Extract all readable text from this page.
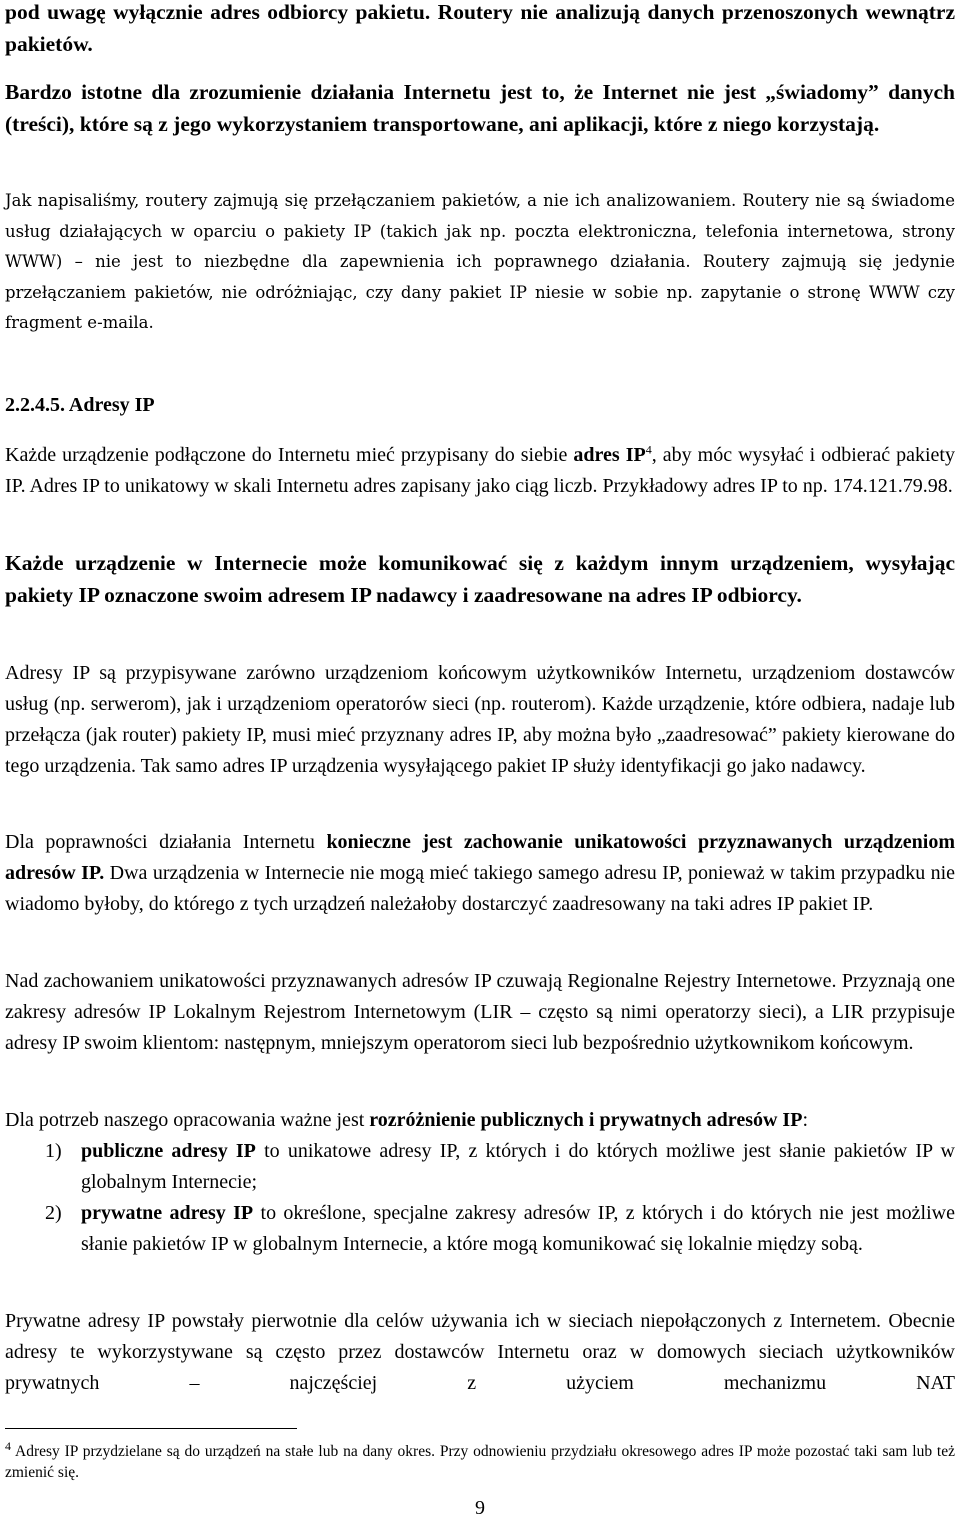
pod uwagę wyłącznie adres odbiorcy pakietu. Routery nie analizują danych przenoszonych wewnątrz pakietów.

Bardzo istotne dla zrozumienie działania Internetu jest to, że Internet nie jest „świadomy” danych (treści), które są z jego wykorzystaniem transportowane, ani aplikacji, które z niego korzystają.

Jak napisaliśmy, routery zajmują się przełączaniem pakietów, a nie ich analizowaniem. Routery nie są świadome usług działających w oparciu o pakiety IP (takich jak np. poczta elektroniczna, telefonia internetowa, strony WWW) – nie jest to niezbędne dla zapewnienia ich poprawnego działania. Routery zajmują się jedynie przełączaniem pakietów, nie odróżniając, czy dany pakiet IP niesie w sobie np. zapytanie o stronę WWW czy fragment e-maila.

2.2.4.5. Adresy IP

Każde urządzenie podłączone do Internetu mieć przypisany do siebie adres $IP^4$, aby móc wysyłać i odbierać pakiety IP. Adres IP to unikatowy w skali Internetu adres zapisany jako ciąg liczb. Przykładowy adres IP to np. 174.121.79.98.

Każde urządzenie w Internecie może komunikować się z każdym innym urządzeniem, wysyłając pakiety IP oznaczone swoim adresem IP nadawcy i zaadresowane na adres IP odbiorcy.

Adresy IP są przypisywane zarówno urządzeniom końcowym użytkowników Internetu, urządzeniom dostawców usług (np. serwerom), jak i urządzeniom operatorów sieci (np. routerom). Każde urządzenie, które odbiera, nadaje lub przełącza (jak router) pakiety IP, musi mieć przyznany adres IP, aby można było „zaadresować” pakiety kierowane do tego urządzenia. Tak samo adres IP urządzenia wysyłającego pakiet IP służy identyfikacji go jako nadawcy.

Dla poprawności działania Internetu konieczne jest zachowanie unikatowości przyznawanych urządzeniom adresów IP. Dwa urządzenia w Internecie nie mogą mieć takiego samego adresu IP, ponieważ w takim przypadku nie wiadomo byłoby, do którego z tych urządzeń należałoby dostarczyć zaadresowany na taki adres IP pakiet IP.

Nad zachowaniem unikatowości przyznawanych adresów IP czuwają Regionalne Rejestry Internetowe. Przyznają one zakresy adresów IP Lokalnym Rejestrom Internetowym (LIR – często są nimi operatorzy sieci), a LIR przypisuje adresy IP swoim klientom: następnym, mniejszym operatorom sieci lub bezpośrednio użytkownikom końcowym.

Dla potrzeb naszego opracowania ważne jest rozróżnienie publicznych i prywatnych adresów IP:

1) publiczne adresy IP to unikatowe adresy IP, z których i do których możliwe jest słanie pakietów IP w globalnym Internecie;
2) prywatne adresy IP to określone, specjalne zakresy adresów IP, z których i do których nie jest możliwe słanie pakietów IP w globalnym Internecie, a które mogą komunikować się lokalnie między sobą.

Prywatne adresy IP powstały pierwotnie dla celów używania ich w sieciach niepołączonych z Internetem. Obecnie adresy te wykorzystywane są często przez dostawców Internetu oraz w domowych sieciach użytkowników prywatnych – najczęściej z użyciem mechanizmu NAT

$^4$ Adresy IP przydzielane są do urządzeń na stałe lub na dany okres. Przy odnowieniu przydziału okresowego adres IP może pozostać taki sam lub też zmienić się.

9
